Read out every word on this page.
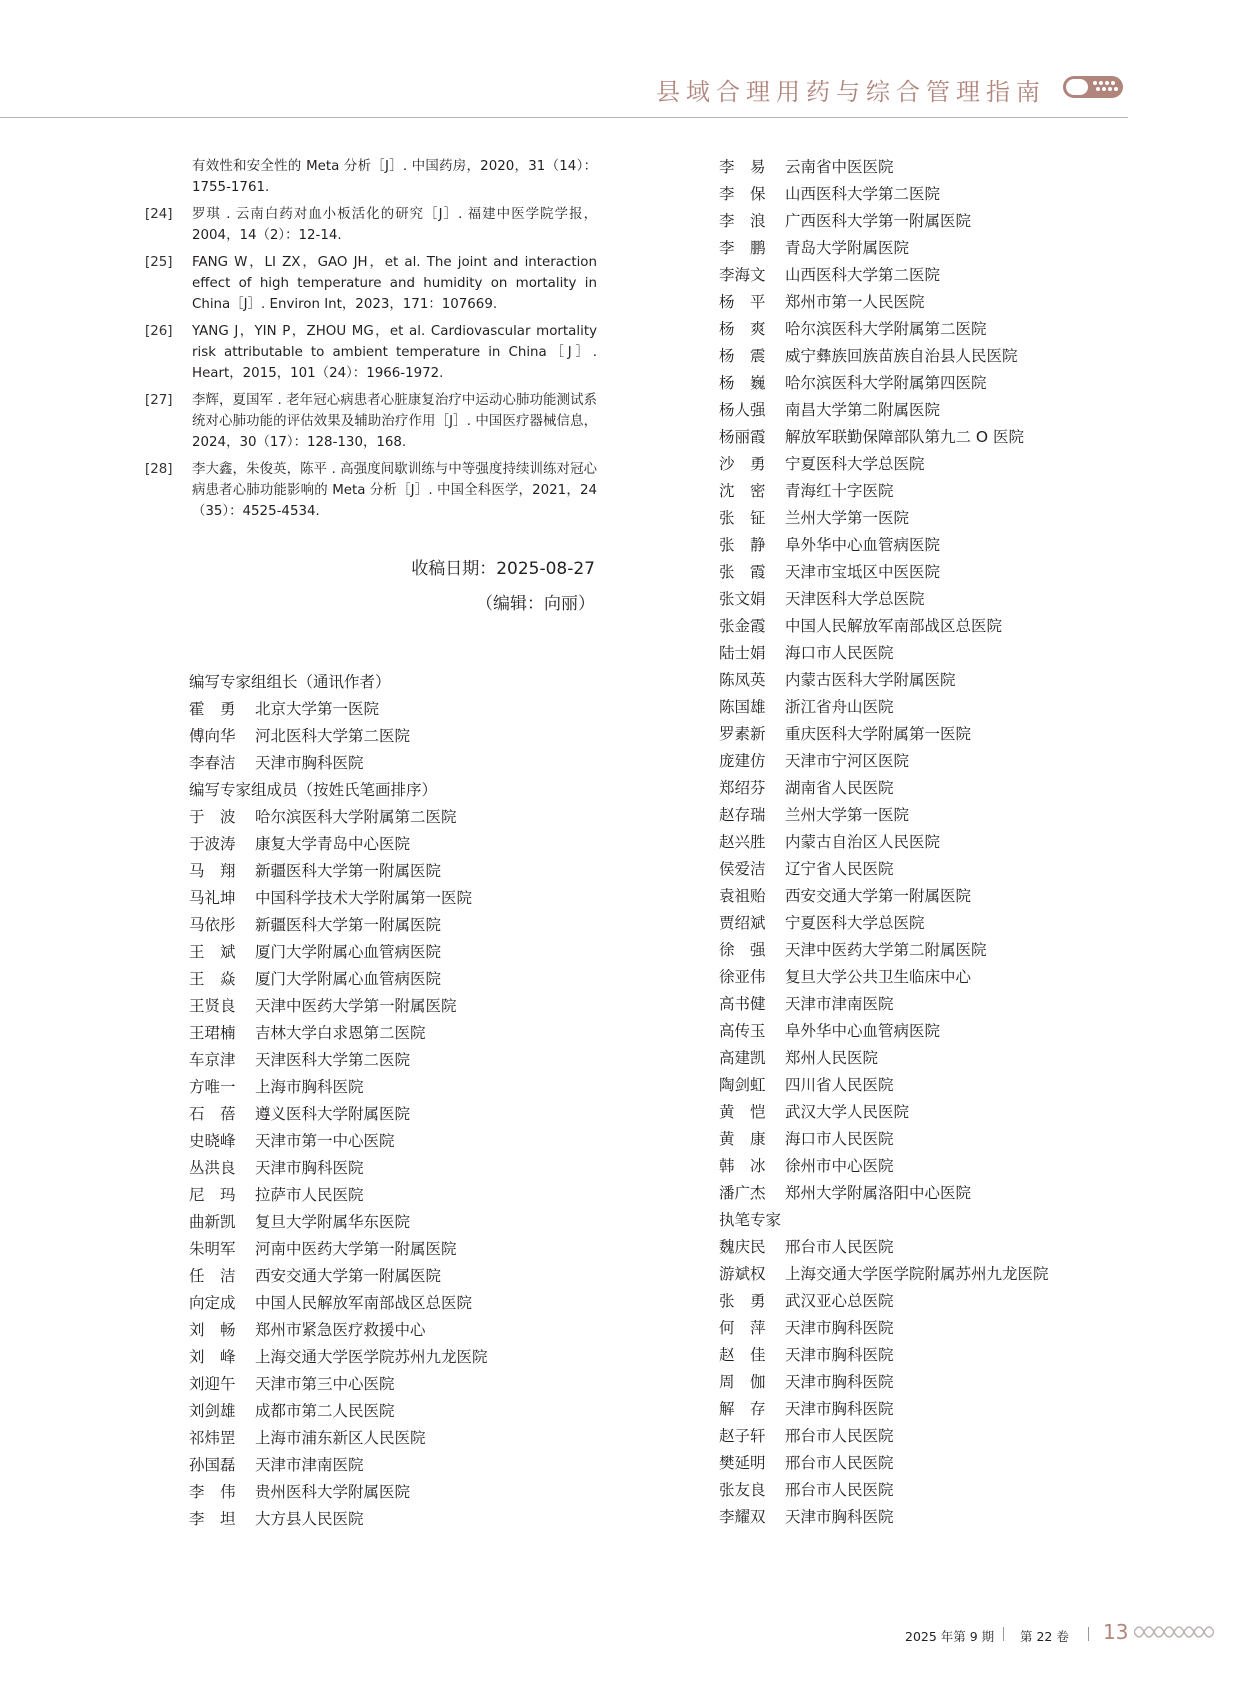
县域合理用药与综合管理指南
有效性和安全性的 Meta 分析［J］. 中国药房，2020，31（14）：1755-1761.
[24]	罗琪 . 云南白药对血小板活化的研究［J］. 福建中医学院学报，2004，14（2）：12-14.
[25]	FANG W，LI ZX，GAO JH，et al. The joint and interaction effect of high temperature and humidity on mortality in China［J］. Environ Int，2023，171：107669.
[26]	YANG J，YIN P，ZHOU MG，et al. Cardiovascular mortality risk attributable to ambient temperature in China［J］. Heart，2015，101（24）：1966-1972.
[27]	李辉，夏国军 . 老年冠心病患者心脏康复治疗中运动心肺功能测试系统对心肺功能的评估效果及辅助治疗作用［J］. 中国医疗器械信息，2024，30（17）：128-130，168.
[28]	李大鑫，朱俊英，陈平 . 高强度间歇训练与中等强度持续训练对冠心病患者心肺功能影响的 Meta 分析［J］. 中国全科医学，2021，24（35）：4525-4534.
收稿日期：2025-08-27
（编辑：向丽）
编写专家组组长（通讯作者）
霍　勇	北京大学第一医院
傅向华	河北医科大学第二医院
李春洁	天津市胸科医院
编写专家组成员（按姓氏笔画排序）
于　波	哈尔滨医科大学附属第二医院
于波涛	康复大学青岛中心医院
马　翔	新疆医科大学第一附属医院
马礼坤	中国科学技术大学附属第一医院
马依彤	新疆医科大学第一附属医院
王　斌	厦门大学附属心血管病医院
王　焱	厦门大学附属心血管病医院
王贤良	天津中医药大学第一附属医院
王珺楠	吉林大学白求恩第二医院
车京津	天津医科大学第二医院
方唯一	上海市胸科医院
石　蓓	遵义医科大学附属医院
史晓峰	天津市第一中心医院
丛洪良	天津市胸科医院
尼　玛	拉萨市人民医院
曲新凯	复旦大学附属华东医院
朱明军	河南中医药大学第一附属医院
任　洁	西安交通大学第一附属医院
向定成	中国人民解放军南部战区总医院
刘　畅	郑州市紧急医疗救援中心
刘　峰	上海交通大学医学院苏州九龙医院
刘迎午	天津市第三中心医院
刘剑雄	成都市第二人民医院
祁炜罡	上海市浦东新区人民医院
孙国磊	天津市津南医院
李　伟	贵州医科大学附属医院
李　坦	大方县人民医院
李　易	云南省中医医院
李　保	山西医科大学第二医院
李　浪	广西医科大学第一附属医院
李　鹏	青岛大学附属医院
李海文	山西医科大学第二医院
杨　平	郑州市第一人民医院
杨　爽	哈尔滨医科大学附属第二医院
杨　震	威宁彝族回族苗族自治县人民医院
杨　巍	哈尔滨医科大学附属第四医院
杨人强	南昌大学第二附属医院
杨丽霞	解放军联勤保障部队第九二 O 医院
沙　勇	宁夏医科大学总医院
沈　密	青海红十字医院
张　钲	兰州大学第一医院
张　静	阜外华中心血管病医院
张　霞	天津市宝坻区中医医院
张文娟	天津医科大学总医院
张金霞	中国人民解放军南部战区总医院
陆士娟	海口市人民医院
陈凤英	内蒙古医科大学附属医院
陈国雄	浙江省舟山医院
罗素新	重庆医科大学附属第一医院
庞建仿	天津市宁河区医院
郑绍芬	湖南省人民医院
赵存瑞	兰州大学第一医院
赵兴胜	内蒙古自治区人民医院
侯爱洁	辽宁省人民医院
袁祖贻	西安交通大学第一附属医院
贾绍斌	宁夏医科大学总医院
徐　强	天津中医药大学第二附属医院
徐亚伟	复旦大学公共卫生临床中心
高书健	天津市津南医院
高传玉	阜外华中心血管病医院
高建凯	郑州人民医院
陶剑虹	四川省人民医院
黄　恺	武汉大学人民医院
黄　康	海口市人民医院
韩　冰	徐州市中心医院
潘广杰	郑州大学附属洛阳中心医院
执笔专家
魏庆民	邢台市人民医院
游斌权	上海交通大学医学院附属苏州九龙医院
张　勇	武汉亚心总医院
何　萍	天津市胸科医院
赵　佳	天津市胸科医院
周　伽	天津市胸科医院
解　存	天津市胸科医院
赵子轩	邢台市人民医院
樊延明	邢台市人民医院
张友良	邢台市人民医院
李耀双	天津市胸科医院
2025 年第 9 期 第 22 卷 13
